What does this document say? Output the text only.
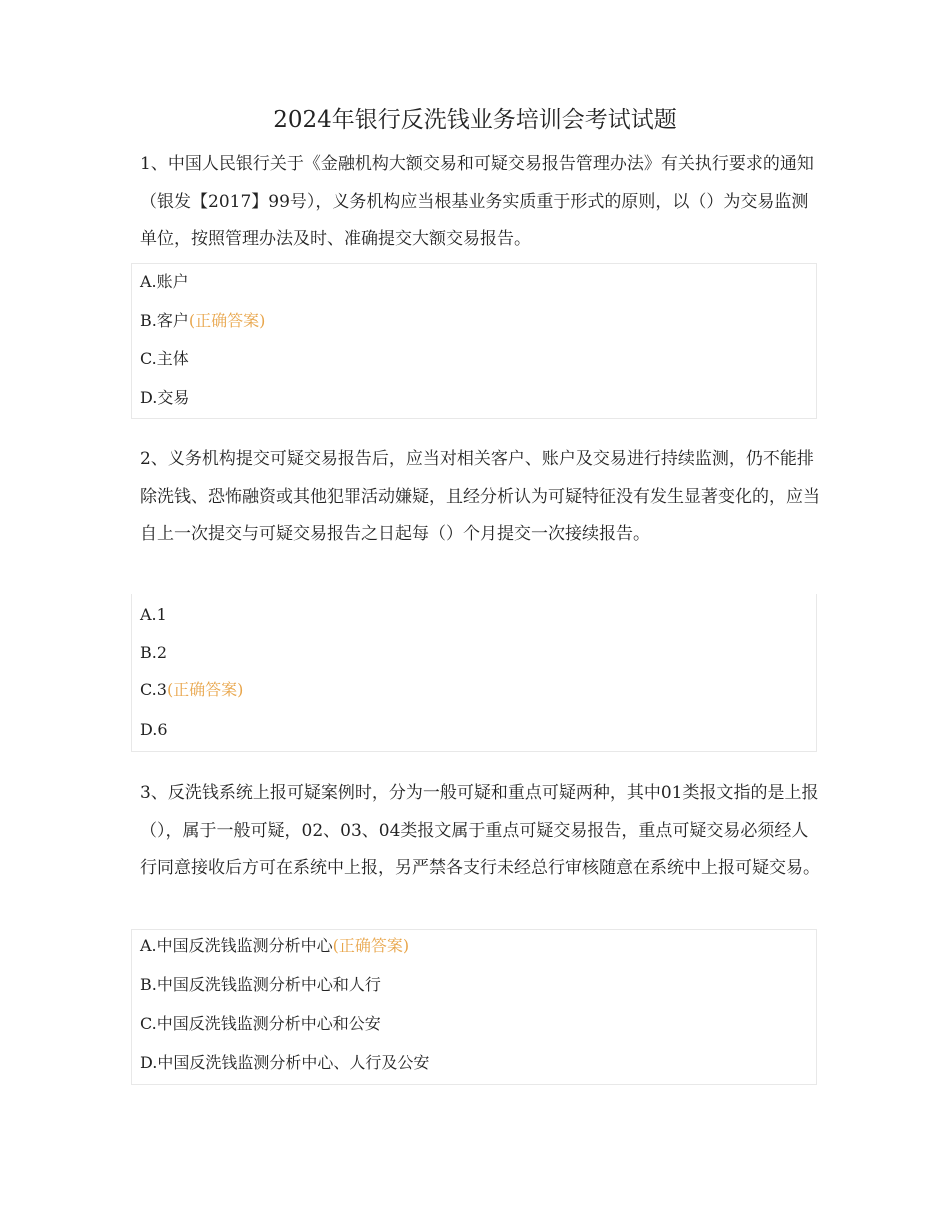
2024年银行反洗钱业务培训会考试试题

1、中国人民银行关于《金融机构大额交易和可疑交易报告管理办法》有关执行要求的通知（银发【2017】99号），义务机构应当根基业务实质重于形式的原则，以（）为交易监测单位，按照管理办法及时、准确提交大额交易报告。

A.账户
B.客户(正确答案)
C.主体
D.交易

2、义务机构提交可疑交易报告后，应当对相关客户、账户及交易进行持续监测，仍不能排除洗钱、恐怖融资或其他犯罪活动嫌疑，且经分析认为可疑特征没有发生显著变化的，应当自上一次提交与可疑交易报告之日起每（）个月提交一次接续报告。

A.1
B.2
C.3(正确答案)
D.6

3、反洗钱系统上报可疑案例时，分为一般可疑和重点可疑两种，其中01类报文指的是上报（），属于一般可疑，02、03、04类报文属于重点可疑交易报告，重点可疑交易必须经人行同意接收后方可在系统中上报，另严禁各支行未经总行审核随意在系统中上报可疑交易。

A.中国反洗钱监测分析中心(正确答案)
B.中国反洗钱监测分析中心和人行
C.中国反洗钱监测分析中心和公安
D.中国反洗钱监测分析中心、人行及公安
